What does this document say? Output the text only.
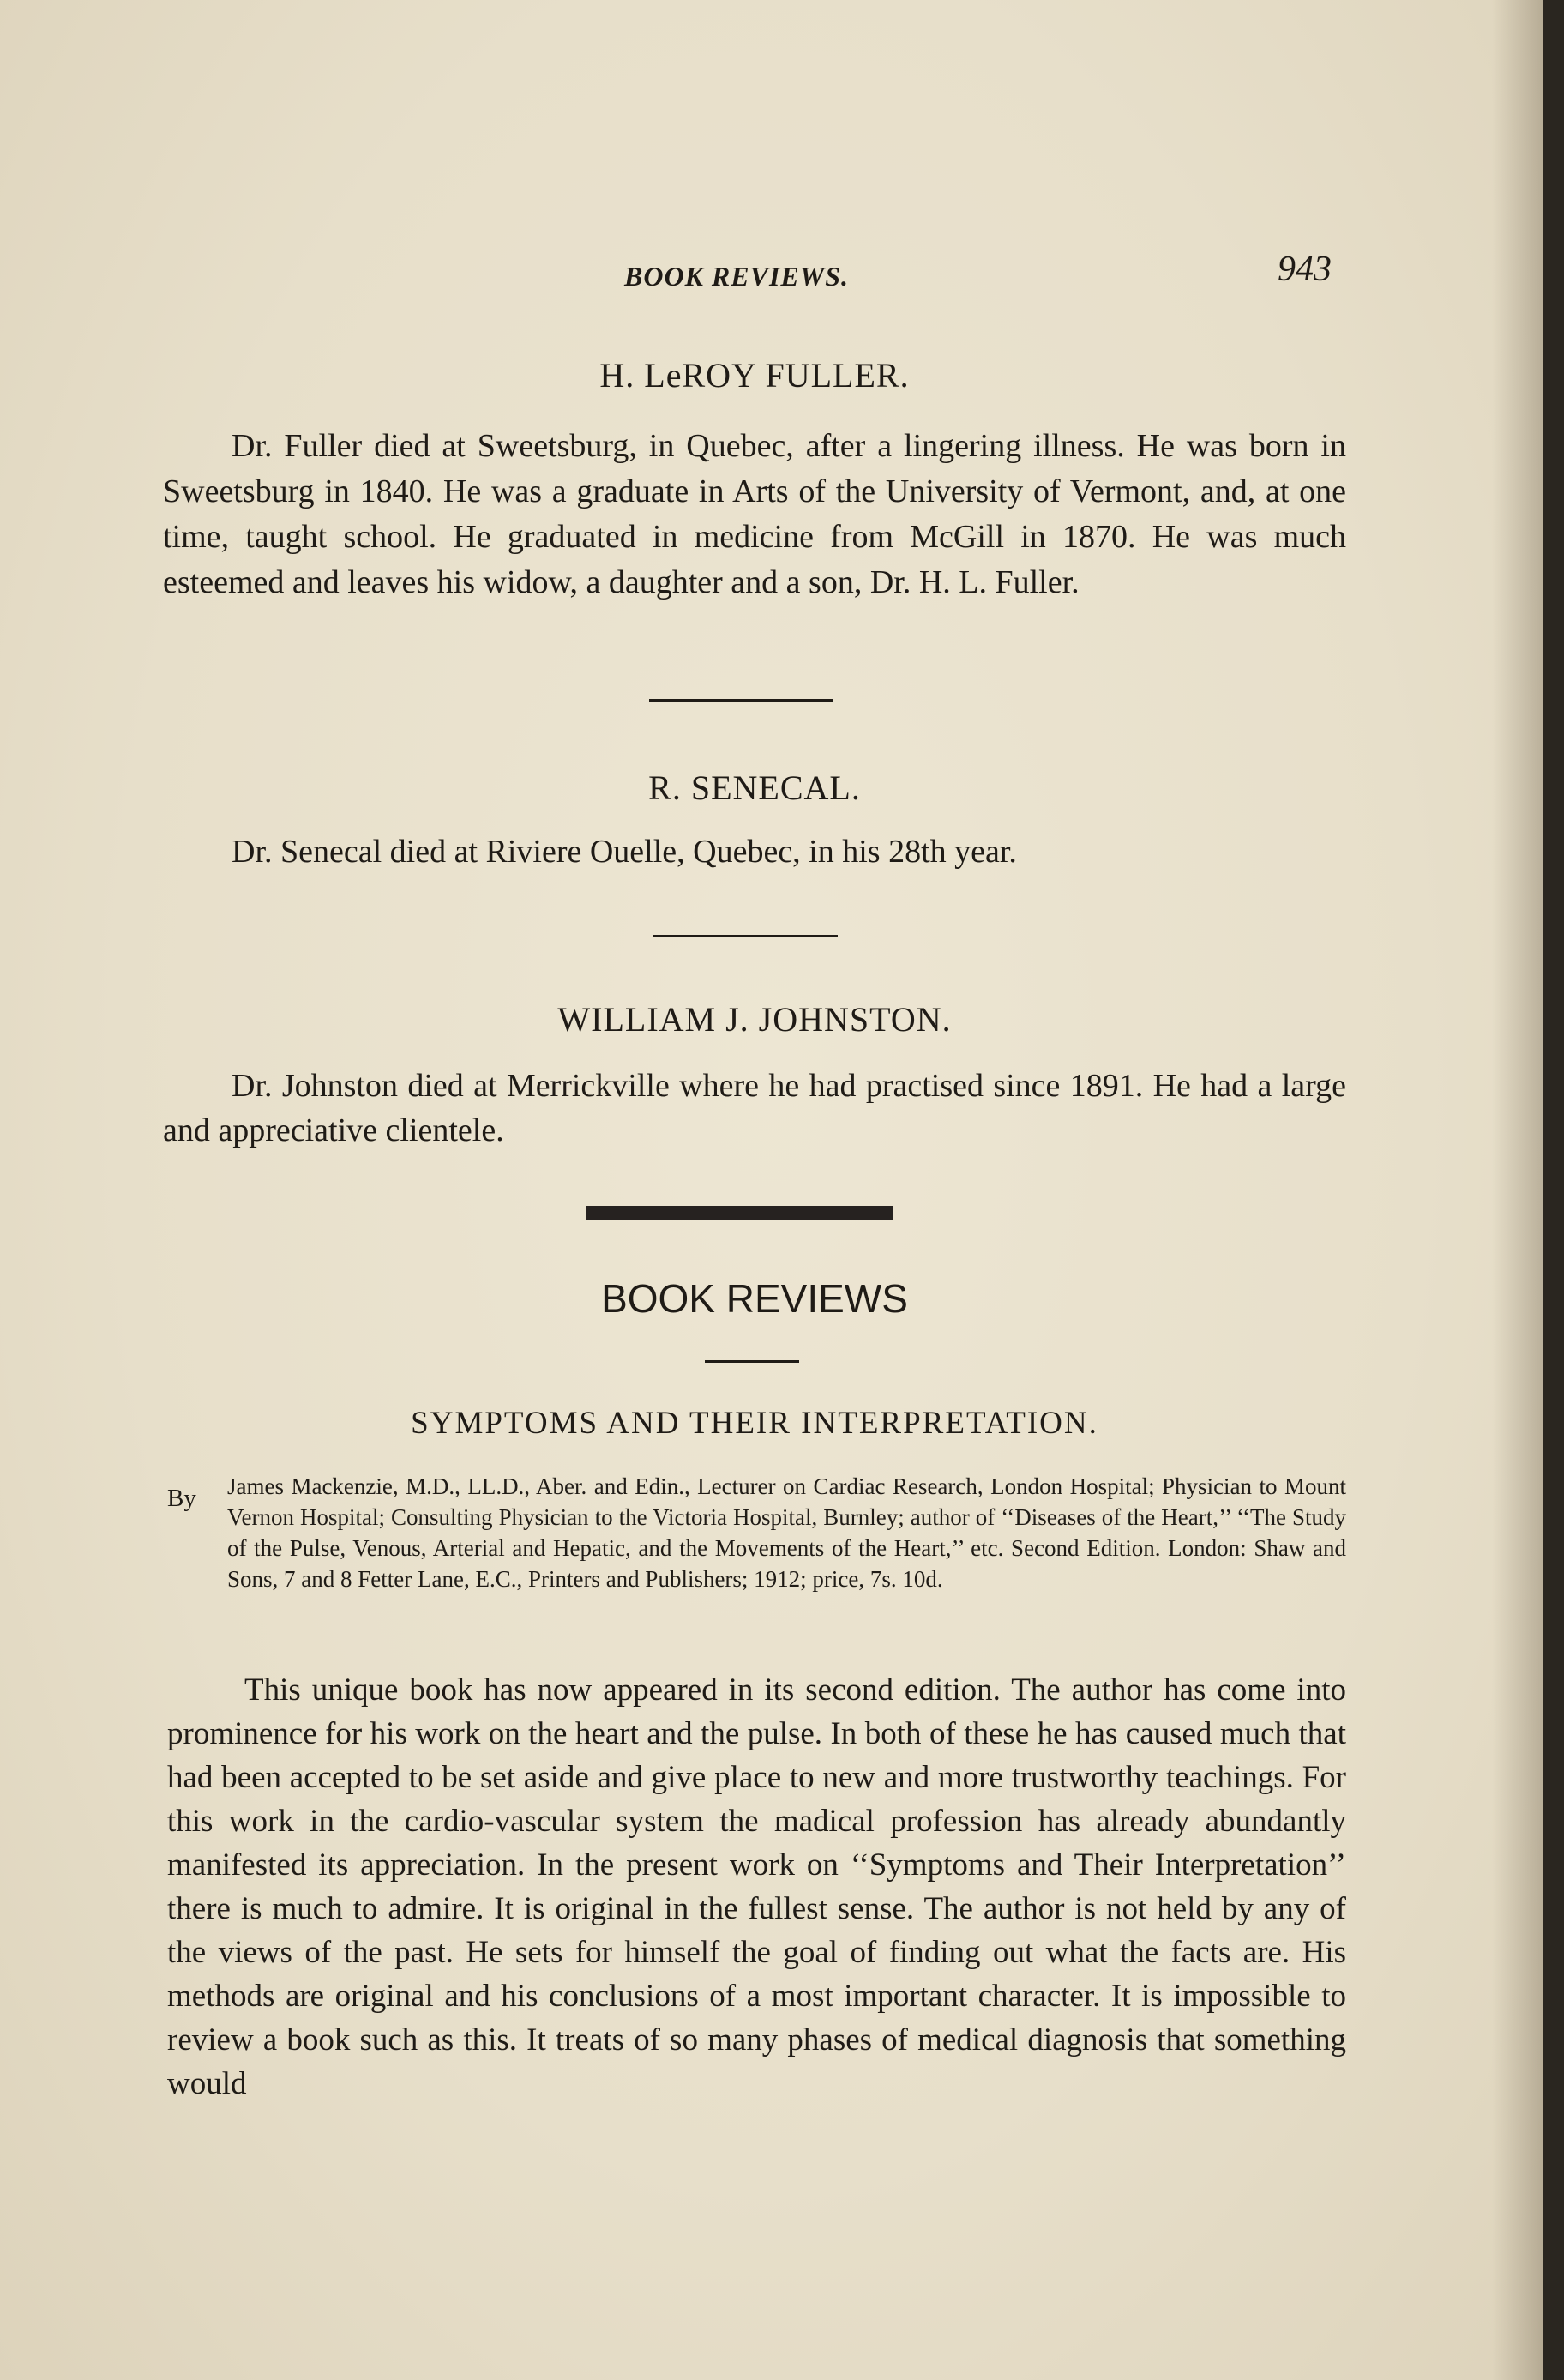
BOOK REVIEWS.	943
H. LeROY FULLER.
Dr. Fuller died at Sweetsburg, in Quebec, after a lingering illness. He was born in Sweetsburg in 1840. He was a graduate in Arts of the University of Vermont, and, at one time, taught school. He graduated in medicine from McGill in 1870. He was much esteemed and leaves his widow, a daughter and a son, Dr. H. L. Fuller.
R. SENECAL.
Dr. Senecal died at Riviere Ouelle, Quebec, in his 28th year.
WILLIAM J. JOHNSTON.
Dr. Johnston died at Merrickville where he had practised since 1891. He had a large and appreciative clientele.
BOOK REVIEWS
SYMPTOMS AND THEIR INTERPRETATION.
By James Mackenzie, M.D., LL.D., Aber. and Edin., Lecturer on Cardiac Research, London Hospital; Physician to Mount Vernon Hospital; Consulting Physician to the Victoria Hospital, Burnley; author of ‘‘Diseases of the Heart,’’ ‘‘The Study of the Pulse, Venous, Arterial and Hepatic, and the Movements of the Heart,’’ etc. Second Edition. London: Shaw and Sons, 7 and 8 Fetter Lane, E.C., Printers and Publishers; 1912; price, 7s. 10d.
This unique book has now appeared in its second edition. The author has come into prominence for his work on the heart and the pulse. In both of these he has caused much that had been accepted to be set aside and give place to new and more trustworthy teachings. For this work in the cardio-vascular system the madical profession has already abundantly manifested its appreciation. In the present work on ‘‘Symptoms and Their Interpretation’’ there is much to admire. It is original in the fullest sense. The author is not held by any of the views of the past. He sets for himself the goal of finding out what the facts are. His methods are original and his conclusions of a most important character. It is impossible to review a book such as this. It treats of so many phases of medical diagnosis that something would
